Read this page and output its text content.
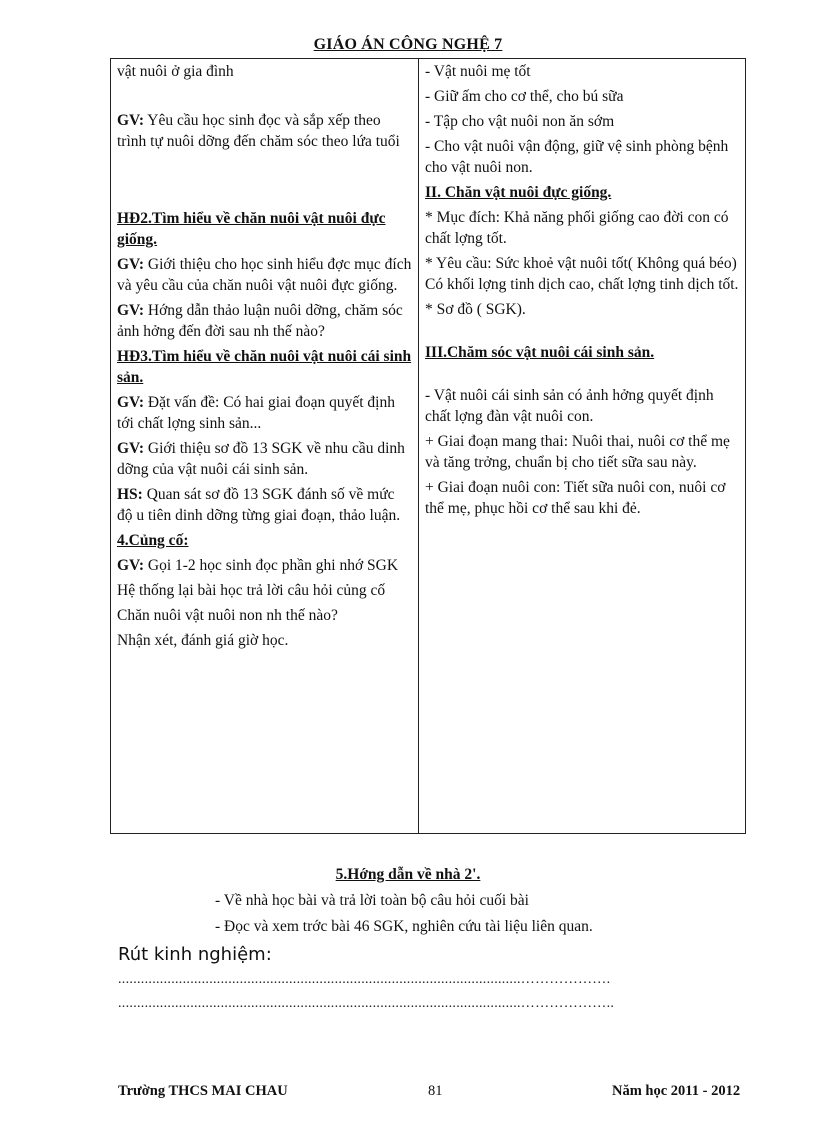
GIÁO ÁN CÔNG NGHỆ 7

vật nuôi ở gia đình

GV: Yêu cầu học sinh đọc và sắp xếp theo trình tự nuôi dỡng đến chăm sóc theo lứa tuổi

HĐ2.Tìm hiểu về chăn nuôi vật nuôi đực giống.

GV: Giới thiệu cho học sinh hiểu đợc mục đích và yêu cầu của chăn nuôi vật nuôi đực giống.

GV: Hớng dẫn thảo luận nuôi dỡng, chăm sóc ảnh hởng đến đời sau nh thế nào?

HĐ3.Tìm hiểu về chăn nuôi vật nuôi cái sinh sản.

GV: Đặt vấn đề: Có hai giai đoạn quyết định tới chất lợng sinh sản...

GV: Giới thiệu sơ đồ 13 SGK về nhu cầu dinh dỡng của vật nuôi cái sinh sản.

HS: Quan sát sơ đồ 13 SGK đánh số về mức độ u tiên dinh dỡng từng giai đoạn, thảo luận.

4.Củng cố:

GV: Gọi 1-2 học sinh đọc phần ghi nhớ SGK

Hệ thống lại bài học trả lời câu hỏi củng cố

Chăn nuôi vật nuôi non nh thế nào?

Nhận xét, đánh giá giờ học.

- Vật nuôi mẹ tốt

- Giữ ấm cho cơ thể, cho bú sữa

- Tập cho vật nuôi non ăn sớm

- Cho vật nuôi vận động, giữ vệ sinh phòng bệnh cho vật nuôi non.

II. Chăn vật nuôi đực giống.

* Mục đích: Khả năng phối giống cao đời con có chất lợng tốt.

* Yêu cầu: Sức khoẻ vật nuôi tốt( Không quá béo) Có khối lợng tinh dịch cao, chất lợng tinh dịch tốt.

* Sơ đồ ( SGK).

III.Chăm sóc vật nuôi cái sinh sản.

- Vật nuôi cái sinh sản có ảnh hởng quyết định chất lợng đàn vật nuôi con.

+ Giai đoạn mang thai: Nuôi thai, nuôi cơ thể mẹ và tăng trởng, chuẩn bị cho tiết sữa sau này.

+ Giai đoạn nuôi con: Tiết sữa nuôi con, nuôi cơ thể mẹ, phục hồi cơ thể sau khi đẻ.

5.Hớng dẫn về nhà 2'.
- Về nhà học bài và trả lời toàn bộ câu hỏi cuối bài
- Đọc và xem trớc bài 46 SGK, nghiên cứu tài liệu liên quan.
Rút kinh nghiệm:
..........................................................................................................……………….
..........................................................................................................………………..
Trường THCS MAI CHAU	81	Năm học 2011 - 2012
